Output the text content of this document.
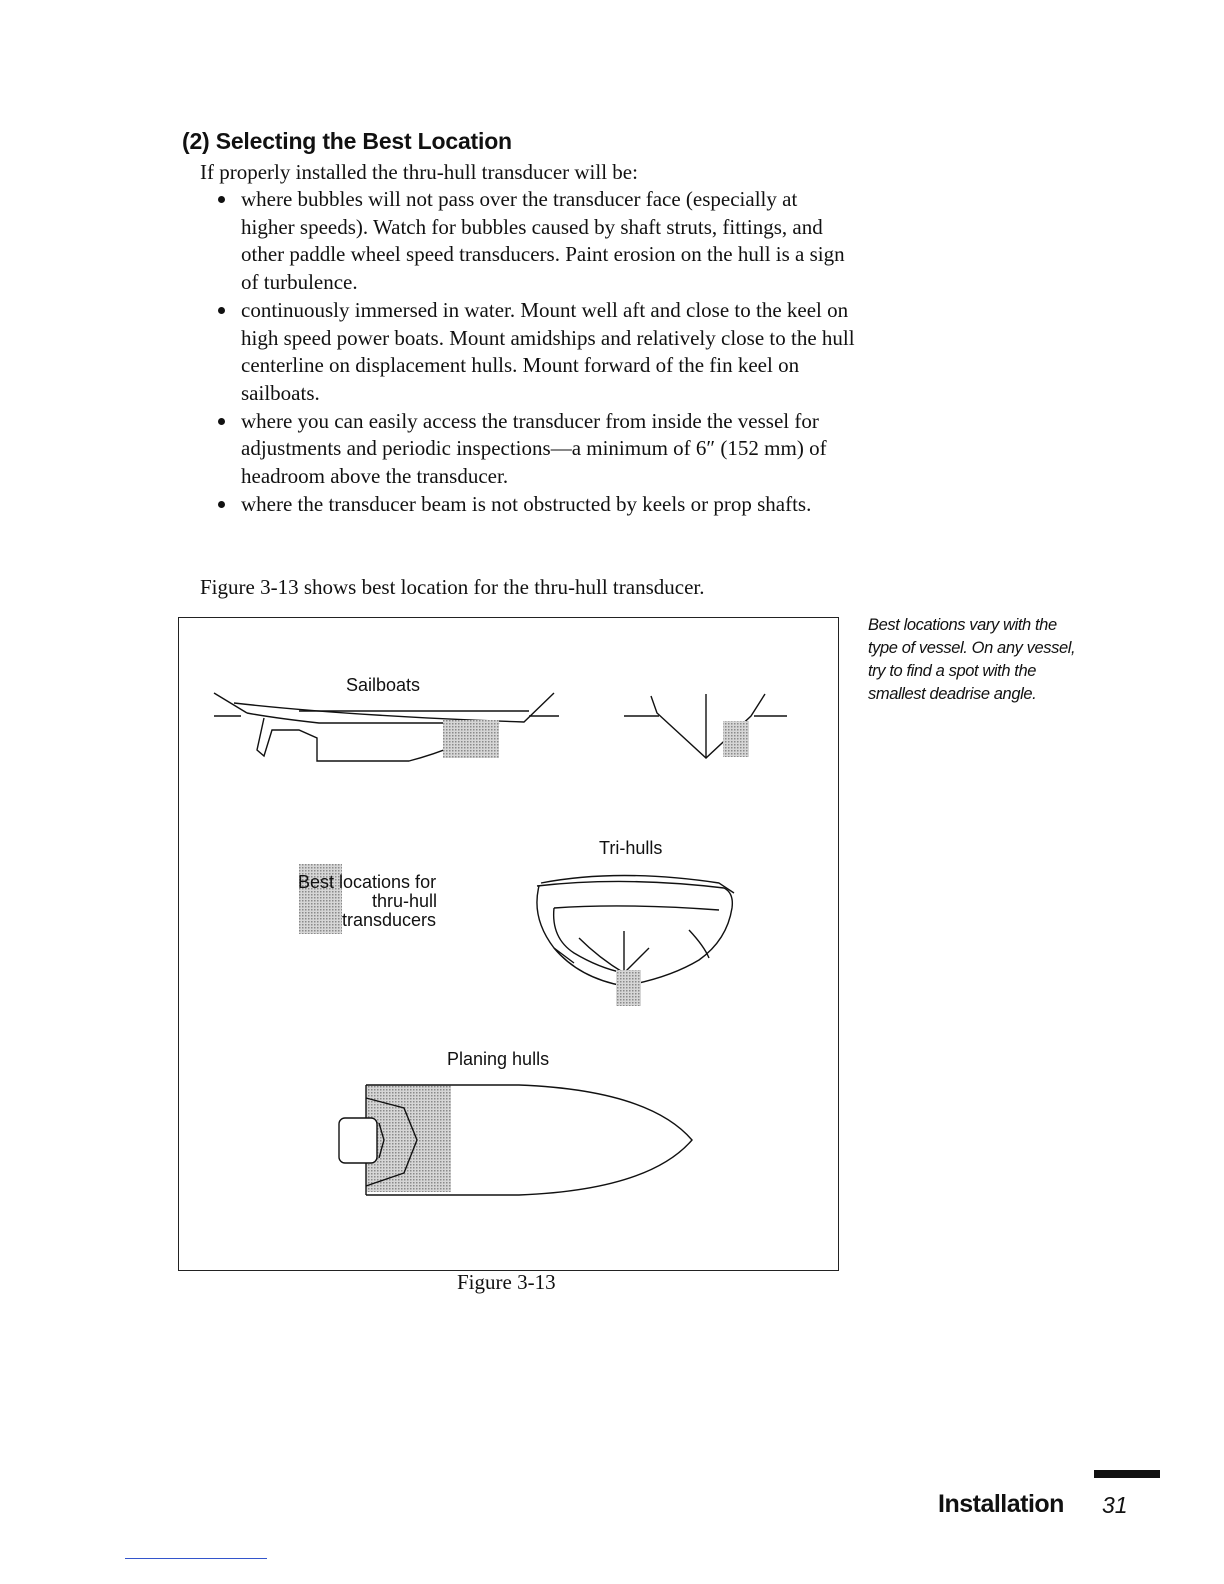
(2) Selecting the Best Location

If properly installed the thru-hull transducer will be:

where bubbles will not pass over the transducer face (especially at higher speeds). Watch for bubbles caused by shaft struts, fittings, and other paddle wheel speed transducers. Paint erosion on the hull is a sign of turbulence.
continuously immersed in water. Mount well aft and close to the keel on high speed power boats. Mount amidships and relatively close to the hull centerline on displacement hulls. Mount forward of the fin keel on sailboats.
where you can easily access the transducer from inside the vessel for adjustments and periodic inspections—a minimum of 6″ (152 mm) of headroom above the transducer.
where the transducer beam is not obstructed by keels or prop shafts.

Figure 3-13 shows best location for the thru-hull transducer.

Sailboats
Best locations for
thru-hull
transducers
Tri-hulls
Planing hulls

Figure 3-13

Best locations vary with the type of vessel. On any vessel, try to find a spot with the smallest deadrise angle.

Installation 31
